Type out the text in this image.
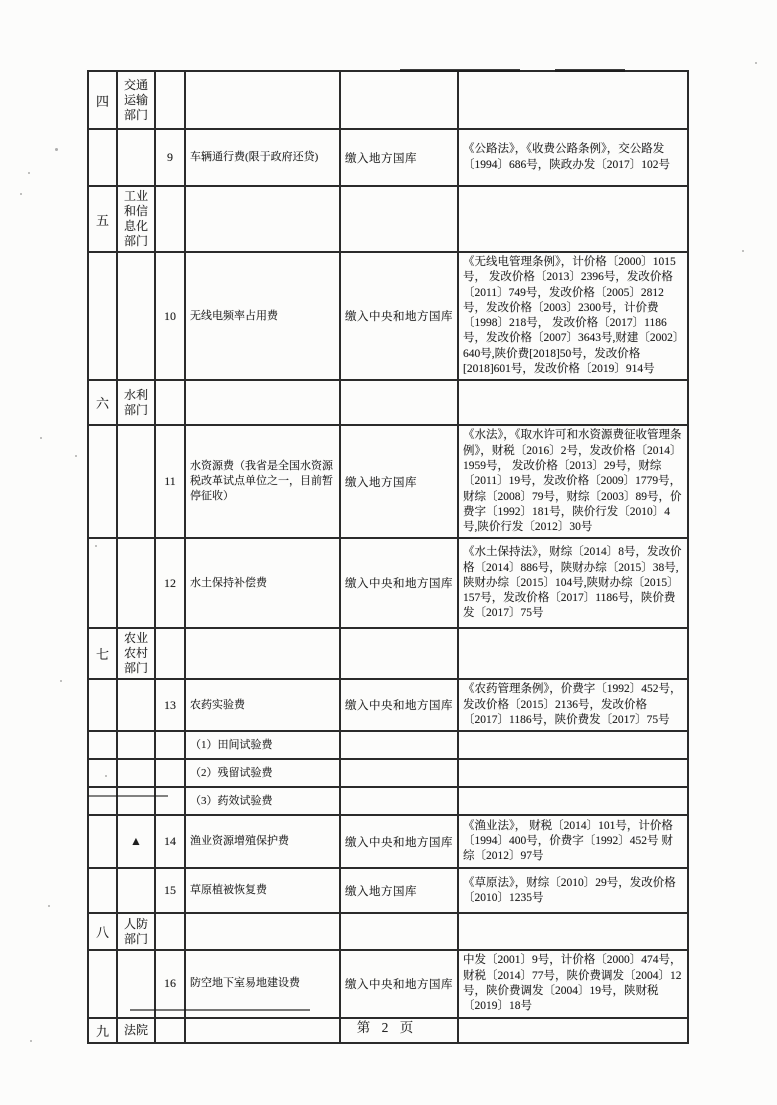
四	交通运输部门				
		9	车辆通行费(限于政府还贷)	缴入地方国库	《公路法》，《收费公路条例》，交公路发〔1994〕686号，陕政办发〔2017〕102号
五	工业和信息化部门				
		10	无线电频率占用费	缴入中央和地方国库	《无线电管理条例》，计价格〔2000〕1015号， 发改价格〔2013〕2396号，发改价格〔2011〕749号，发改价格〔2005〕2812号，发改价格〔2003〕2300号，计价费〔1998〕218号， 发改价格〔2017〕1186号，发改价格〔2007〕3643号,财建〔2002〕640号,陕价费[2018]50号，发改价格[2018]601号，发改价格〔2019〕914号
六	水利部门				
		11	水资源费（我省是全国水资源税改革试点单位之一，目前暂停征收）	缴入地方国库	《水法》，《取水许可和水资源费征收管理条例》，财税〔2016〕2号，发改价格〔2014〕1959号， 发改价格〔2013〕29号，财综〔2011〕19号，发改价格〔2009〕1779号，财综〔2008〕79号，财综〔2003〕89号，价费字〔1992〕181号，陕价行发〔2010〕4号,陕价行发〔2012〕30号
		12	水土保持补偿费	缴入中央和地方国库	《水土保持法》，财综〔2014〕8号，发改价格〔2014〕886号，陕财办综〔2015〕38号,陕财办综〔2015〕104号,陕财办综〔2015〕157号，发改价格〔2017〕1186号，陕价费发〔2017〕75号
七	农业农村部门				
		13	农药实验费	缴入中央和地方国库	《农药管理条例》，价费字〔1992〕452号，发改价格〔2015〕2136号，发改价格〔2017〕1186号，陕价费发〔2017〕75号
			（1）田间试验费		
			（2）残留试验费		
			（3）药效试验费		
	▲	14	渔业资源增殖保护费	缴入中央和地方国库	《渔业法》， 财税〔2014〕101号，计价格〔1994〕400号，价费字〔1992〕452号 财综〔2012〕97号
		15	草原植被恢复费	缴入地方国库	《草原法》，财综〔2010〕29号，发改价格〔2010〕1235号
八	人防部门				
		16	防空地下室易地建设费	缴入中央和地方国库	中发〔2001〕9号，计价格〔2000〕474号，财税〔2014〕77号，陕价费调发〔2004〕12号，陕价费调发〔2004〕19号，陕财税〔2019〕18号
九	法院					第 2 页
